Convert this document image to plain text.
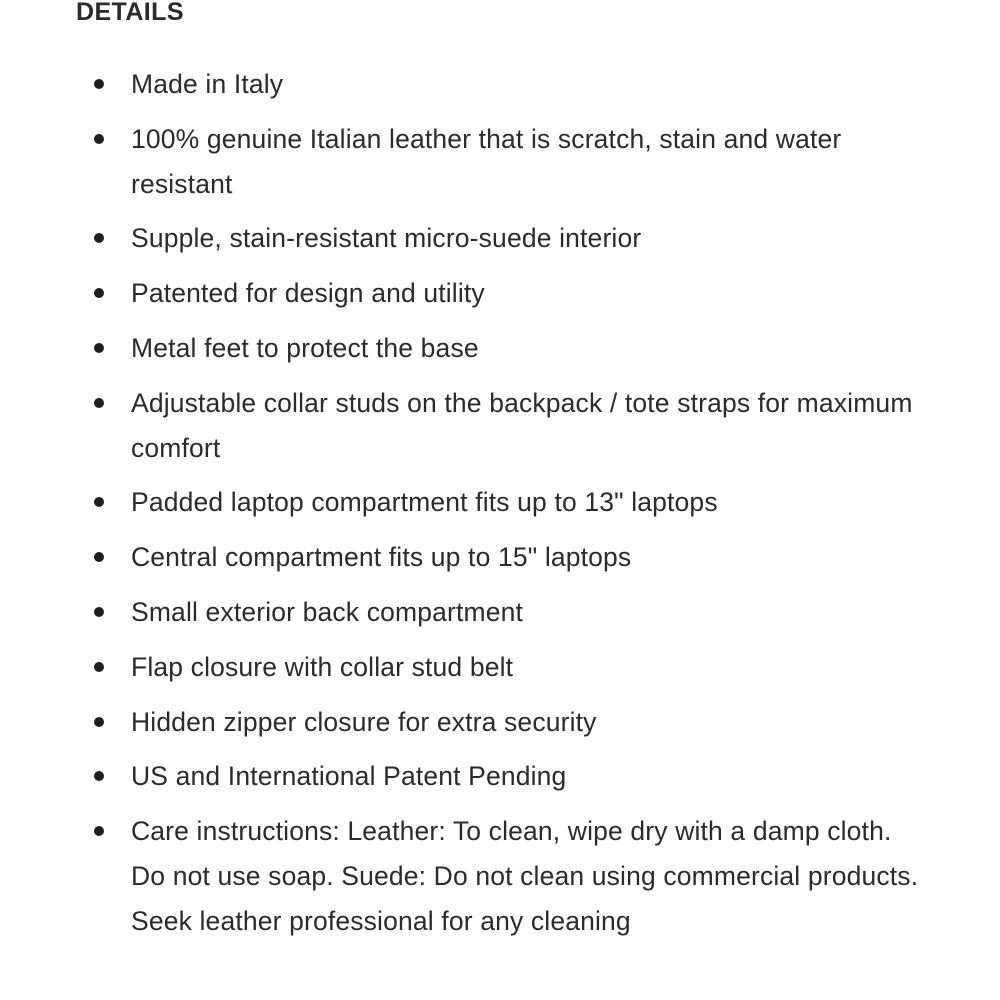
DETAILS
Made in Italy
100% genuine Italian leather that is scratch, stain and water resistant
Supple, stain-resistant micro-suede interior
Patented for design and utility
Metal feet to protect the base
Adjustable collar studs on the backpack / tote straps for maximum comfort
Padded laptop compartment fits up to 13" laptops
Central compartment fits up to 15" laptops
Small exterior back compartment
Flap closure with collar stud belt
Hidden zipper closure for extra security
US and International Patent Pending
Care instructions: Leather: To clean, wipe dry with a damp cloth. Do not use soap. Suede: Do not clean using commercial products. Seek leather professional for any cleaning
